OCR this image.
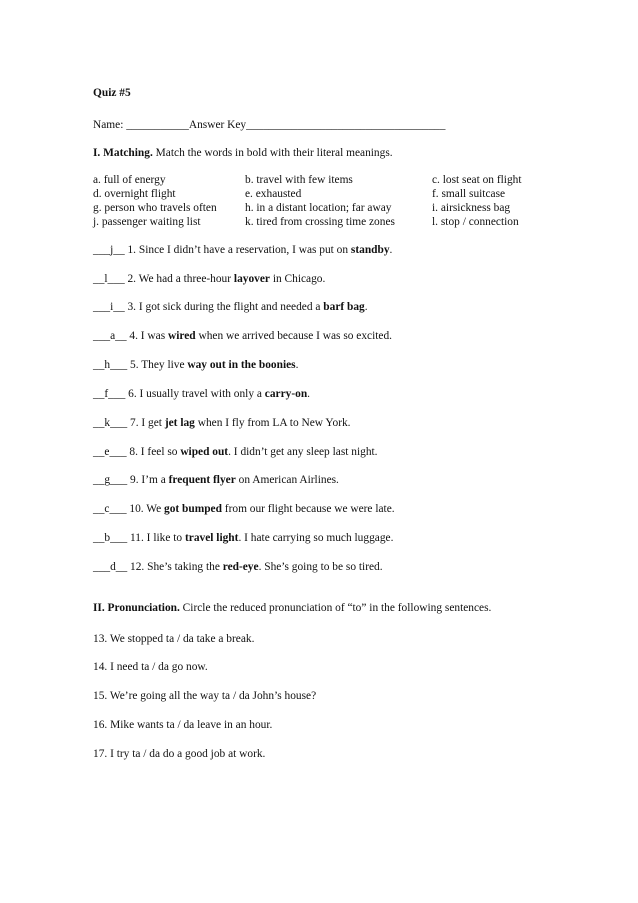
Quiz #5
Name: ___________Answer Key___________________________________
I. Matching. Match the words in bold with their literal meanings.
a. full of energy	b. travel with few items	c. lost seat on flight
d. overnight flight	e. exhausted	f. small suitcase
g. person who travels often h. in a distant location; far away	i. airsickness bag
j. passenger waiting list	k. tired from crossing time zones	l. stop / connection
___j__ 1. Since I didn’t have a reservation, I was put on standby.
__l___ 2. We had a three-hour layover in Chicago.
___i__ 3. I got sick during the flight and needed a barf bag.
___a__ 4. I was wired when we arrived because I was so excited.
__h___ 5. They live way out in the boonies.
__f___ 6. I usually travel with only a carry-on.
__k___ 7. I get jet lag when I fly from LA to New York.
__e___ 8. I feel so wiped out. I didn’t get any sleep last night.
__g___ 9. I’m a frequent flyer on American Airlines.
__c___ 10. We got bumped from our flight because we were late.
__b___ 11. I like to travel light. I hate carrying so much luggage.
___d__ 12. She’s taking the red-eye. She’s going to be so tired.
II. Pronunciation. Circle the reduced pronunciation of “to” in the following sentences.
13. We stopped ta / da take a break.
14. I need ta / da go now.
15. We’re going all the way ta / da John’s house?
16. Mike wants ta / da leave in an hour.
17. I try ta / da do a good job at work.
